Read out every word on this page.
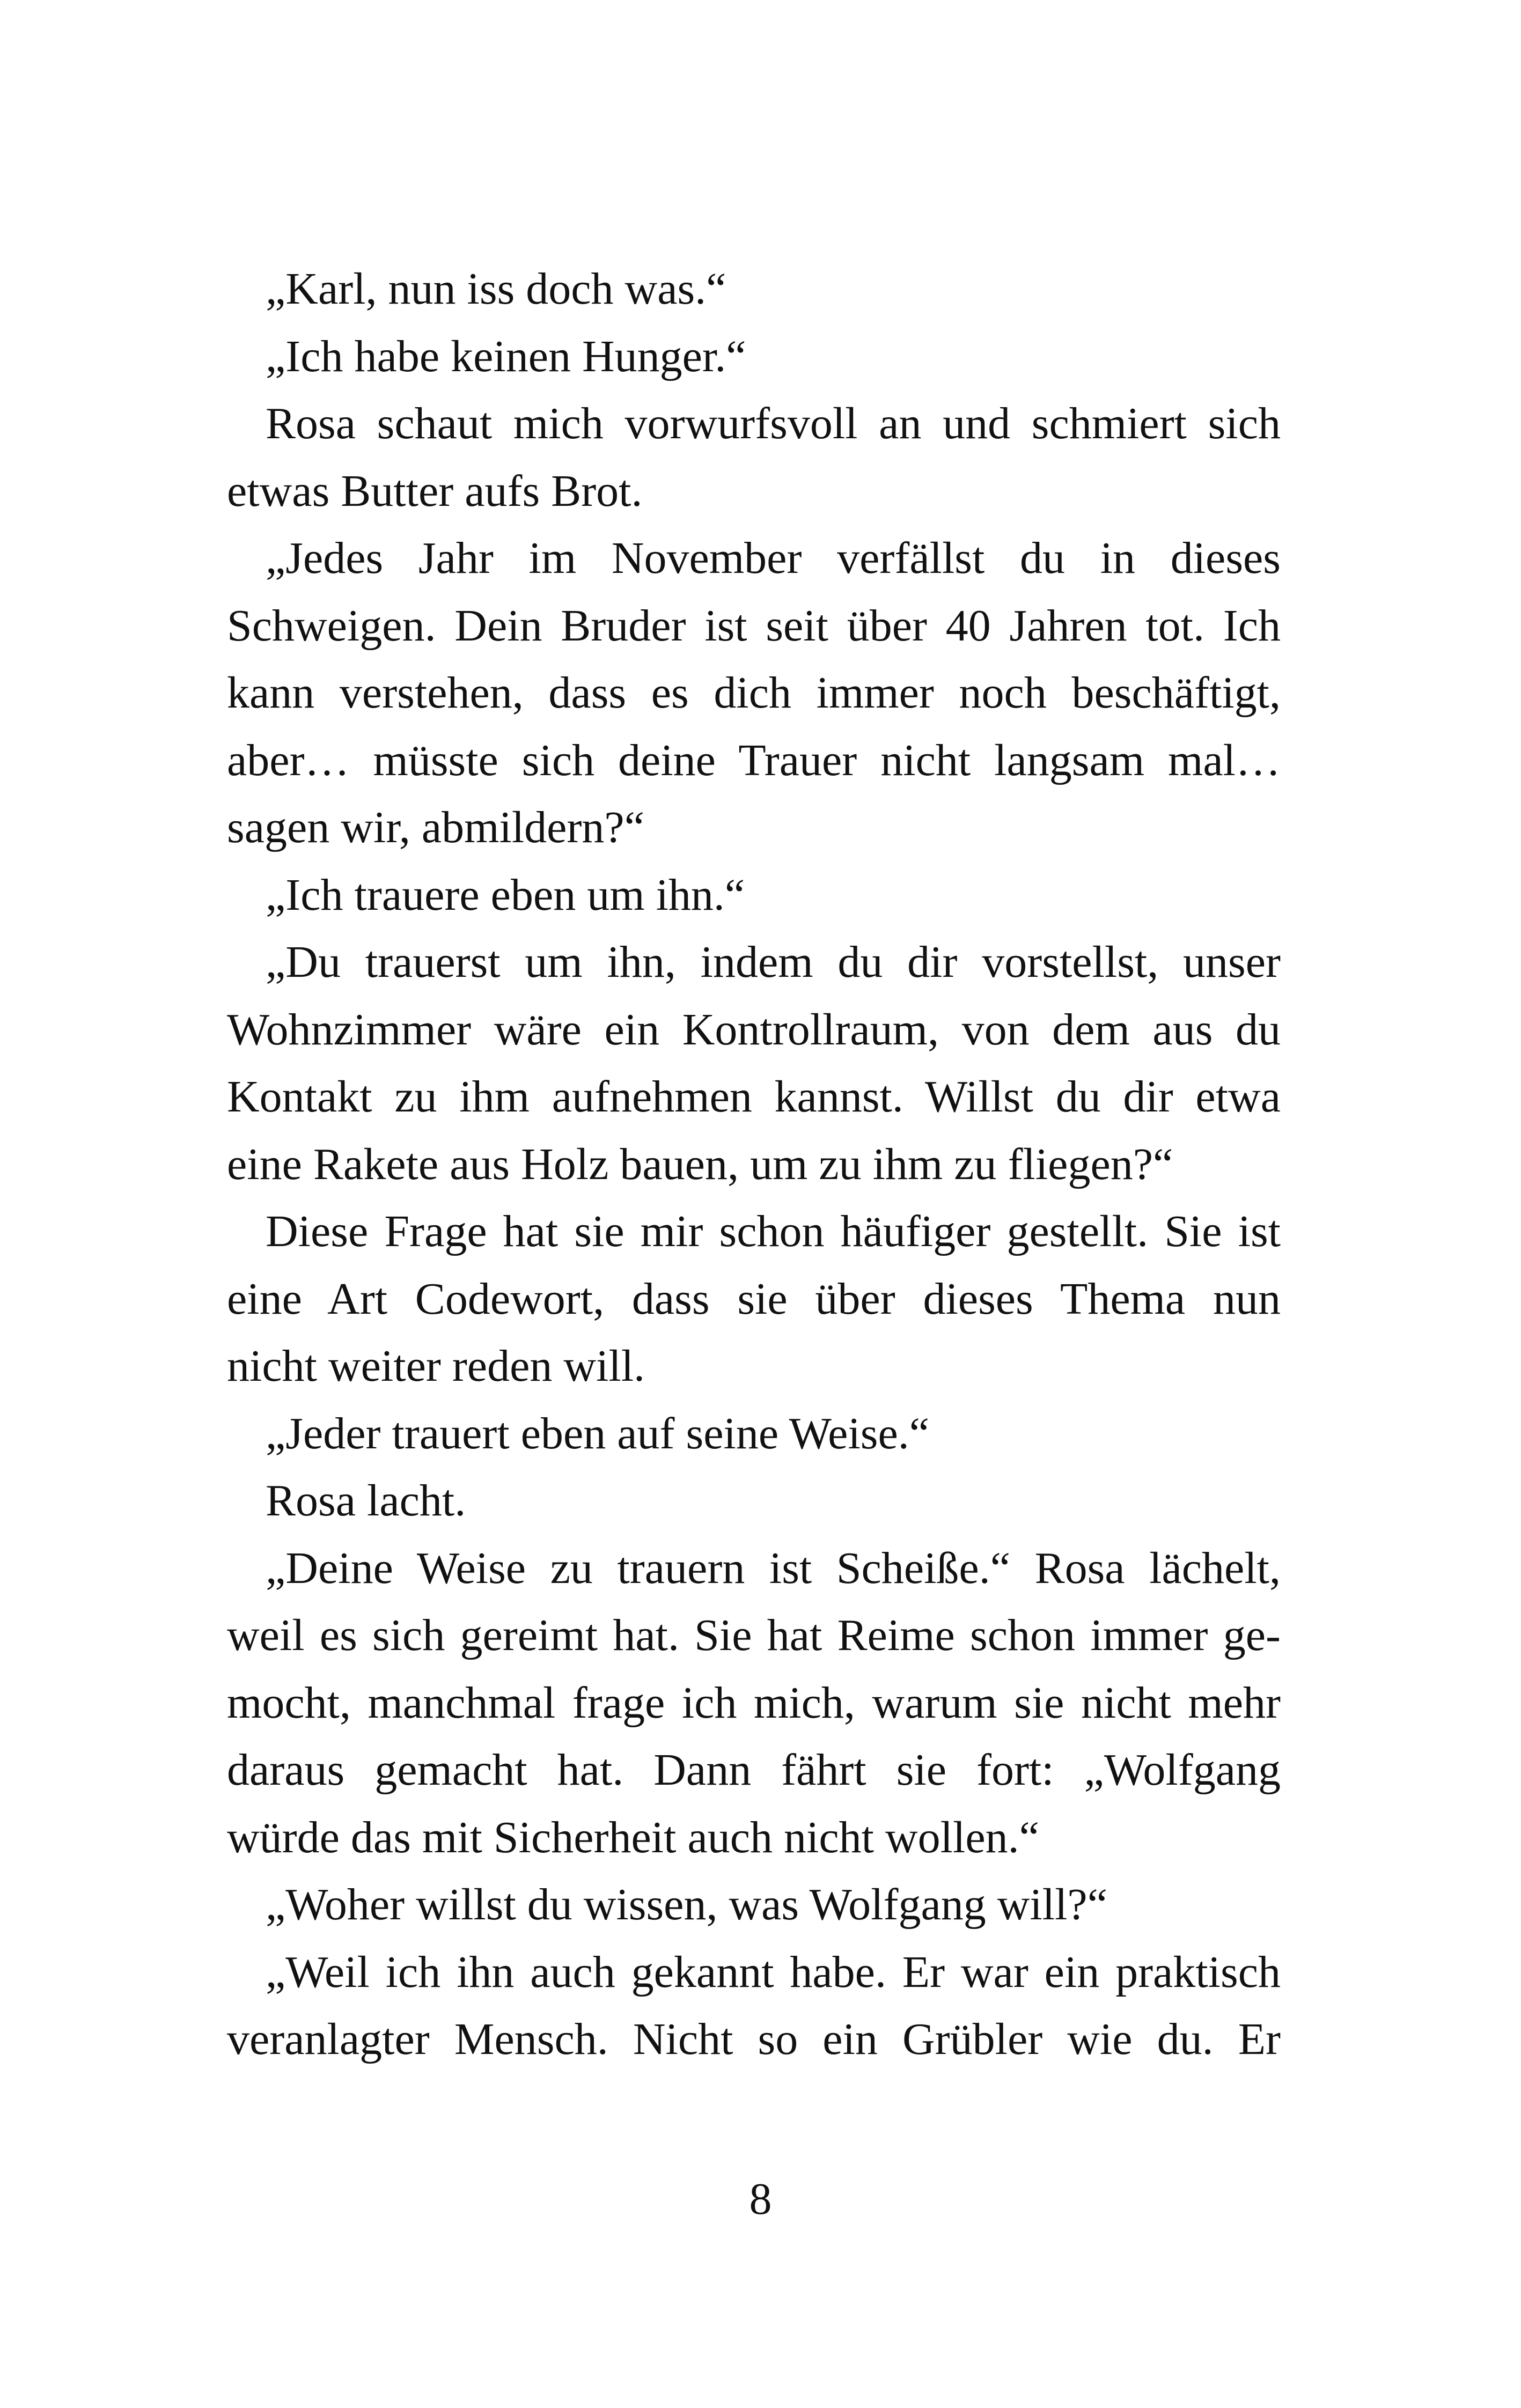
„Karl, nun iss doch was.“
„Ich habe keinen Hunger.“
Rosa schaut mich vorwurfsvoll an und schmiert sich
etwas Butter aufs Brot.
„Jedes Jahr im November verfällst du in dieses
Schweigen. Dein Bruder ist seit über 40 Jahren tot. Ich
kann verstehen, dass es dich immer noch beschäftigt,
aber… müsste sich deine Trauer nicht langsam mal…
sagen wir, abmildern?“
„Ich trauere eben um ihn.“
„Du trauerst um ihn, indem du dir vorstellst, unser
Wohnzimmer wäre ein Kontrollraum, von dem aus du
Kontakt zu ihm aufnehmen kannst. Willst du dir etwa
eine Rakete aus Holz bauen, um zu ihm zu fliegen?“
Diese Frage hat sie mir schon häufiger gestellt. Sie ist
eine Art Codewort, dass sie über dieses Thema nun
nicht weiter reden will.
„Jeder trauert eben auf seine Weise.“
Rosa lacht.
„Deine Weise zu trauern ist Scheiße.“ Rosa lächelt,
weil es sich gereimt hat. Sie hat Reime schon immer ge-
mocht, manchmal frage ich mich, warum sie nicht mehr
daraus gemacht hat. Dann fährt sie fort: „Wolfgang
würde das mit Sicherheit auch nicht wollen.“
„Woher willst du wissen, was Wolfgang will?“
„Weil ich ihn auch gekannt habe. Er war ein praktisch
veranlagter Mensch. Nicht so ein Grübler wie du. Er
8
